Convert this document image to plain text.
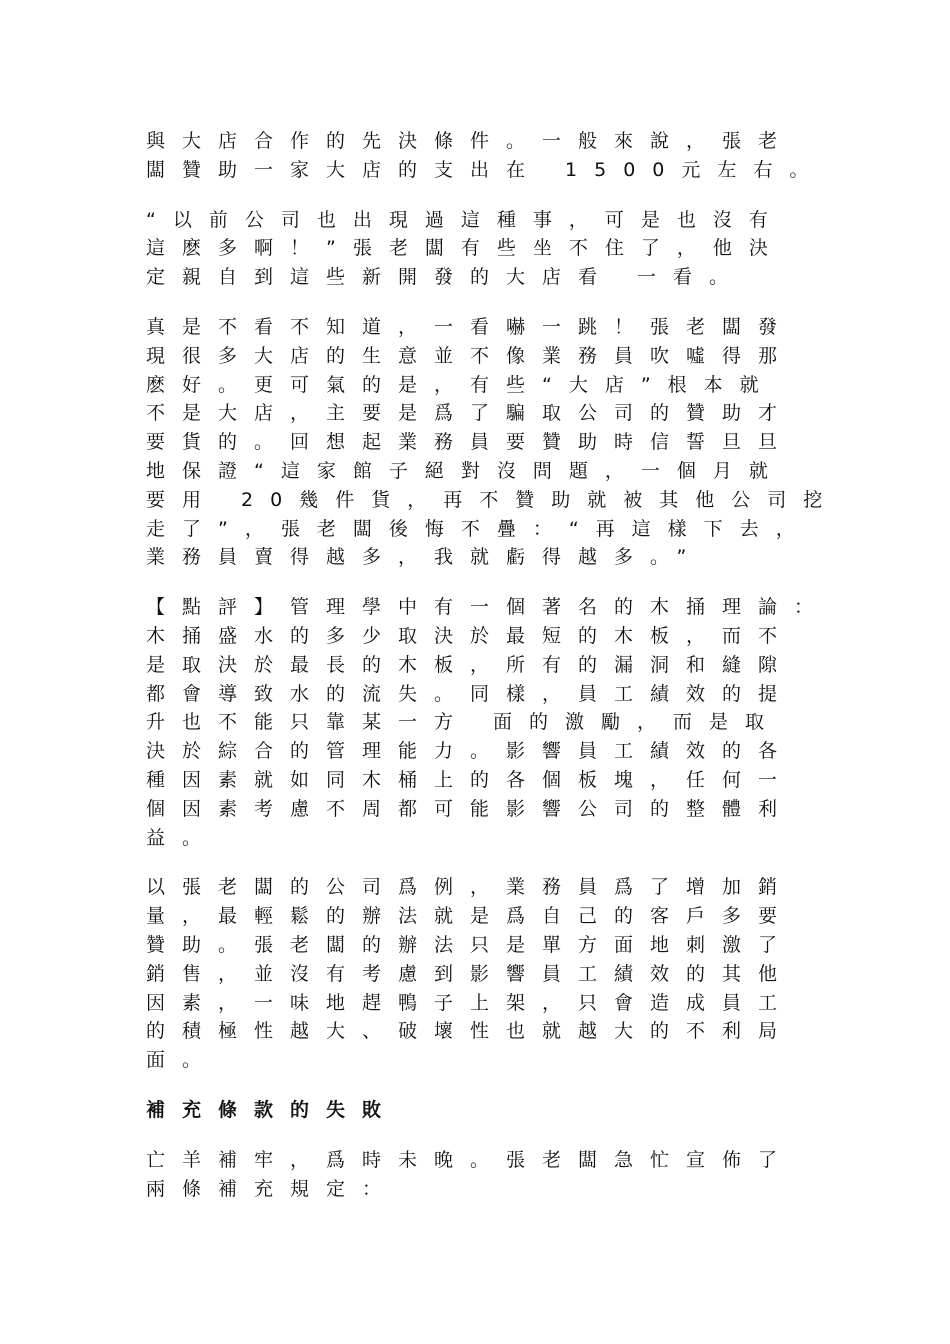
與大店合作的先決條件。一般來說，張老
闆贊助一家大店的支出在 1500元左右。
“以前公司也出現過這種事，可是也沒有
這麽多啊！”張老闆有些坐不住了，他決
定親自到這些新開發的大店看 一看。
真是不看不知道，一看嚇一跳！張老闆發
現很多大店的生意並不像業務員吹噓得那
麽好。更可氣的是，有些“大店”根本就
不是大店，主要是爲了騙取公司的贊助才
要貨的。回想起業務員要贊助時信誓旦旦
地保證“這家館子絕對沒問題，一個月就
要用 20幾件貨，再不贊助就被其他公司挖
走了”，張老闆後悔不疊：“再這樣下去，
業務員賣得越多，我就虧得越多。”
【點評】管理學中有一個著名的木捅理論：
木捅盛水的多少取決於最短的木板，而不
是取決於最長的木板，所有的漏洞和縫隙
都會導致水的流失。同樣，員工績效的提
升也不能只靠某一方 面的激勵，而是取
決於綜合的管理能力。影響員工績效的各
種因素就如同木桶上的各個板塊，任何一
個因素考慮不周都可能影響公司的整體利
益。
以張老闆的公司爲例，業務員爲了增加銷
量，最輕鬆的辦法就是爲自己的客戶多要
贊助。張老闆的辦法只是單方面地刺激了
銷售，並沒有考慮到影響員工績效的其他
因素，一味地趕鴨子上架，只會造成員工
的積極性越大、破壞性也就越大的不利局
面。
補充條款的失敗
亡羊補牢，爲時未晚。張老闆急忙宣佈了
兩條補充規定：
